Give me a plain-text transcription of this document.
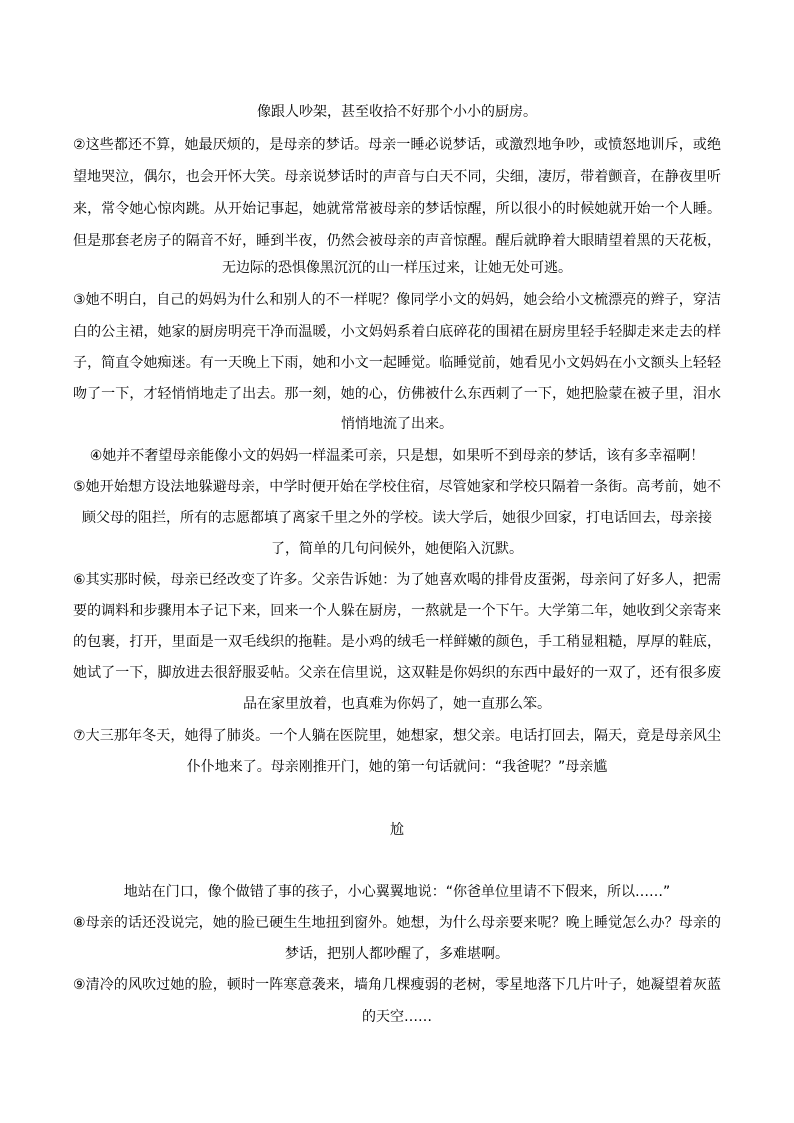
像跟人吵架，甚至收拾不好那个小小的厨房。
②这些都还不算，她最厌烦的，是母亲的梦话。母亲一睡必说梦话，或激烈地争吵，或愤怒地训斥，或绝
望地哭泣，偶尔，也会开怀大笑。母亲说梦话时的声音与白天不同，尖细，凄厉，带着颤音，在静夜里听
来，常令她心惊肉跳。从开始记事起，她就常常被母亲的梦话惊醒，所以很小的时候她就开始一个人睡。
但是那套老房子的隔音不好，睡到半夜，仍然会被母亲的声音惊醒。醒后就睁着大眼睛望着黑的天花板，
无边际的恐惧像黑沉沉的山一样压过来，让她无处可逃。
③她不明白，自己的妈妈为什么和别人的不一样呢？像同学小文的妈妈，她会给小文梳漂亮的辫子，穿洁
白的公主裙，她家的厨房明亮干净而温暖，小文妈妈系着白底碎花的围裙在厨房里轻手轻脚走来走去的样
子，简直令她痴迷。有一天晚上下雨，她和小文一起睡觉。临睡觉前，她看见小文妈妈在小文额头上轻轻
吻了一下，才轻悄悄地走了出去。那一刻，她的心，仿佛被什么东西刺了一下，她把脸蒙在被子里，泪水
悄悄地流了出来。
④她并不奢望母亲能像小文的妈妈一样温柔可亲，只是想，如果听不到母亲的梦话，该有多幸福啊！
⑤她开始想方设法地躲避母亲，中学时便开始在学校住宿，尽管她家和学校只隔着一条街。高考前，她不
顾父母的阻拦，所有的志愿都填了离家千里之外的学校。读大学后，她很少回家，打电话回去，母亲接
了，简单的几句问候外，她便陷入沉默。
⑥其实那时候，母亲已经改变了许多。父亲告诉她：为了她喜欢喝的排骨皮蛋粥，母亲问了好多人，把需
要的调料和步骤用本子记下来，回来一个人躲在厨房，一熬就是一个下午。大学第二年，她收到父亲寄来
的包裹，打开，里面是一双毛线织的拖鞋。是小鸡的绒毛一样鲜嫩的颜色，手工稍显粗糙，厚厚的鞋底，
她试了一下，脚放进去很舒服妥帖。父亲在信里说，这双鞋是你妈织的东西中最好的一双了，还有很多废
品在家里放着，也真难为你妈了，她一直那么笨。
⑦大三那年冬天，她得了肺炎。一个人躺在医院里，她想家，想父亲。电话打回去，隔天，竟是母亲风尘
仆仆地来了。母亲刚推开门，她的第一句话就问：“我爸呢？”母亲尴
尬
地站在门口，像个做错了事的孩子，小心翼翼地说：“你爸单位里请不下假来，所以……”
⑧母亲的话还没说完，她的脸已硬生生地扭到窗外。她想，为什么母亲要来呢？晚上睡觉怎么办？母亲的
梦话，把别人都吵醒了，多难堪啊。
⑨清冷的风吹过她的脸，顿时一阵寒意袭来，墙角几棵瘦弱的老树，零星地落下几片叶子，她凝望着灰蓝
的天空……
